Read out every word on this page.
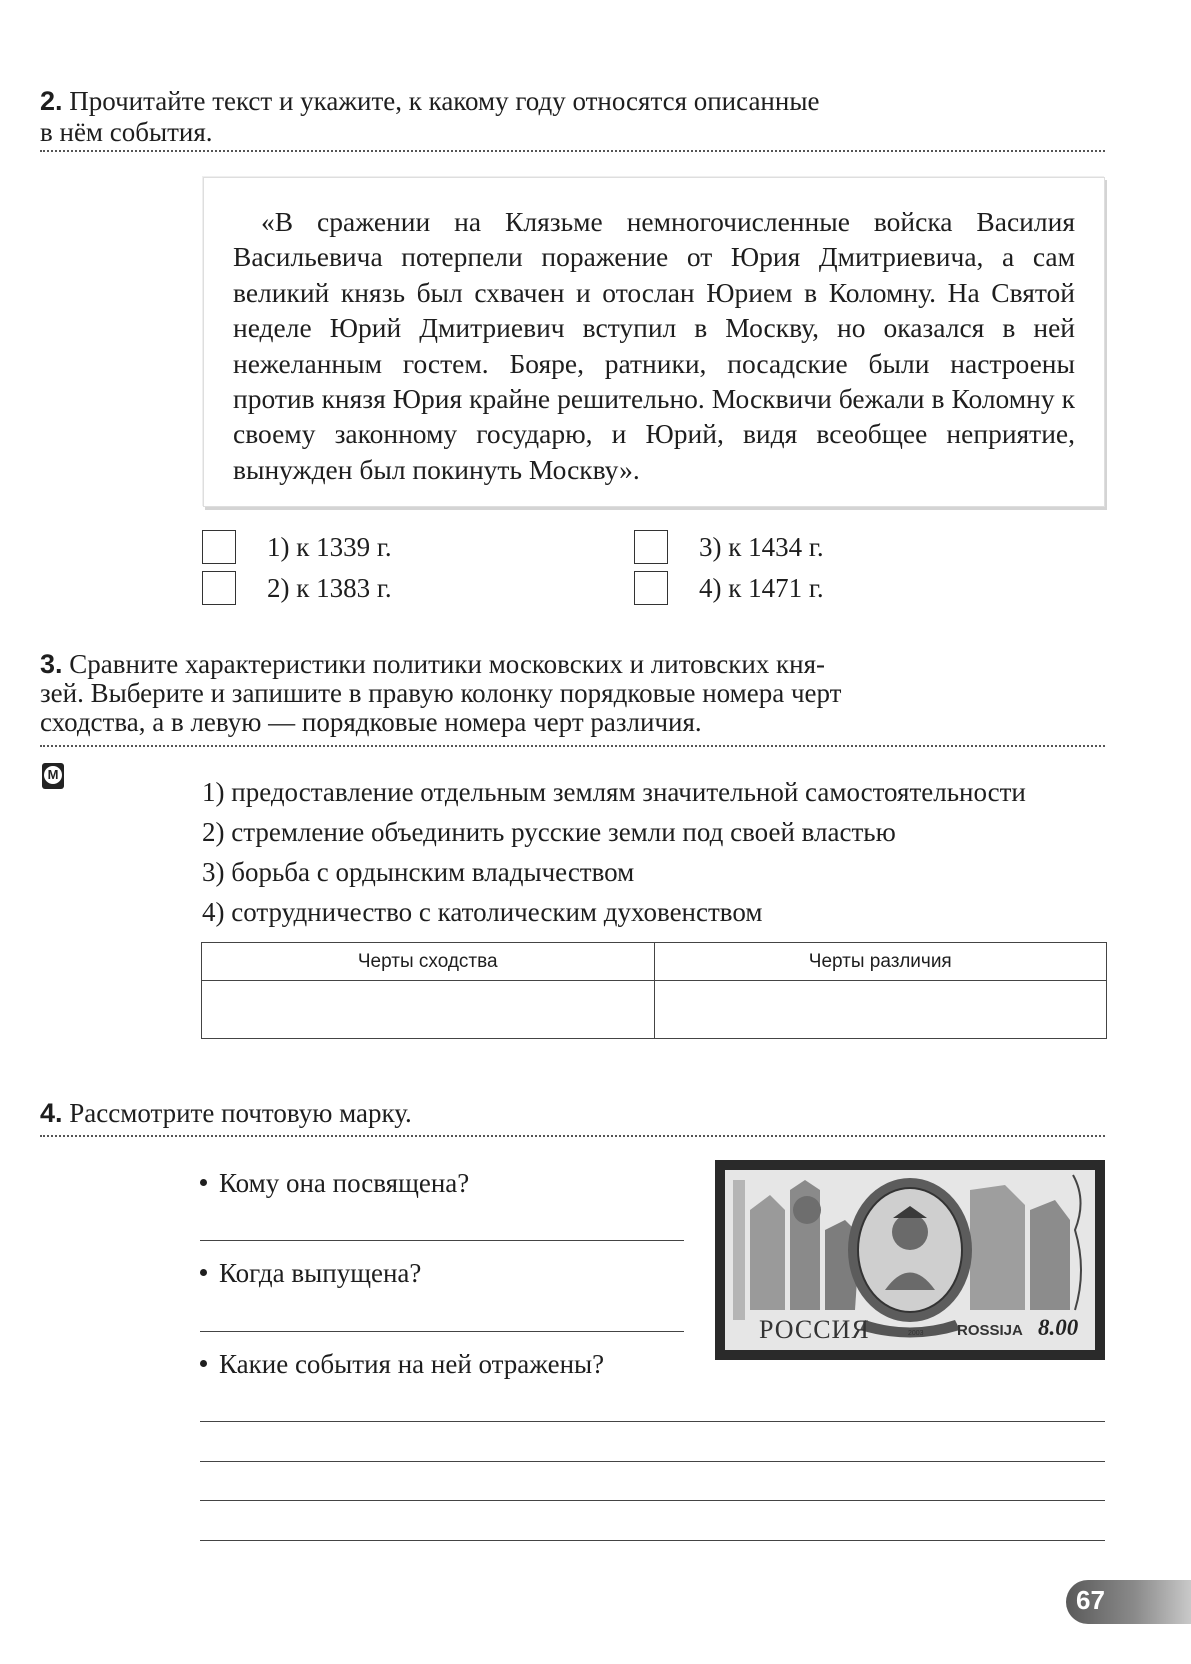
2. Прочитайте текст и укажите, к какому году относятся описанные
в нём события.
«В сражении на Клязьме немногочисленные войска Василия Васильевича потерпели поражение от Юрия Дмитриевича, а сам великий князь был схвачен и отослан Юрием в Коломну. На Святой неделе Юрий Дмитриевич вступил в Москву, но оказался в ней нежеланным гостем. Бояре, ратники, посадские были настроены против князя Юрия крайне решительно. Москвичи бежали в Коломну к своему законному государю, и Юрий, видя всеобщее неприятие, вынужден был покинуть Москву».
1) к 1339 г.
2) к 1383 г.
3) к 1434 г.
4) к 1471 г.
3. Сравните характеристики политики московских и литовских кня-
зей. Выберите и запишите в правую колонку порядковые номера черт
сходства, а в левую — порядковые номера черт различия.
М
1) предоставление отдельным землям значительной самостоятельности
2) стремление объединить русские земли под своей властью
3) борьба с ордынским владычеством
4) сотрудничество с католическим духовенством
Черты сходства	Черты различия

4. Рассмотрите почтовую марку.
Кому она посвящена?
Когда выпущена?
Какие события на ней отражены?
РОССИЯ	2003 ROSSIJA 8.00
67
